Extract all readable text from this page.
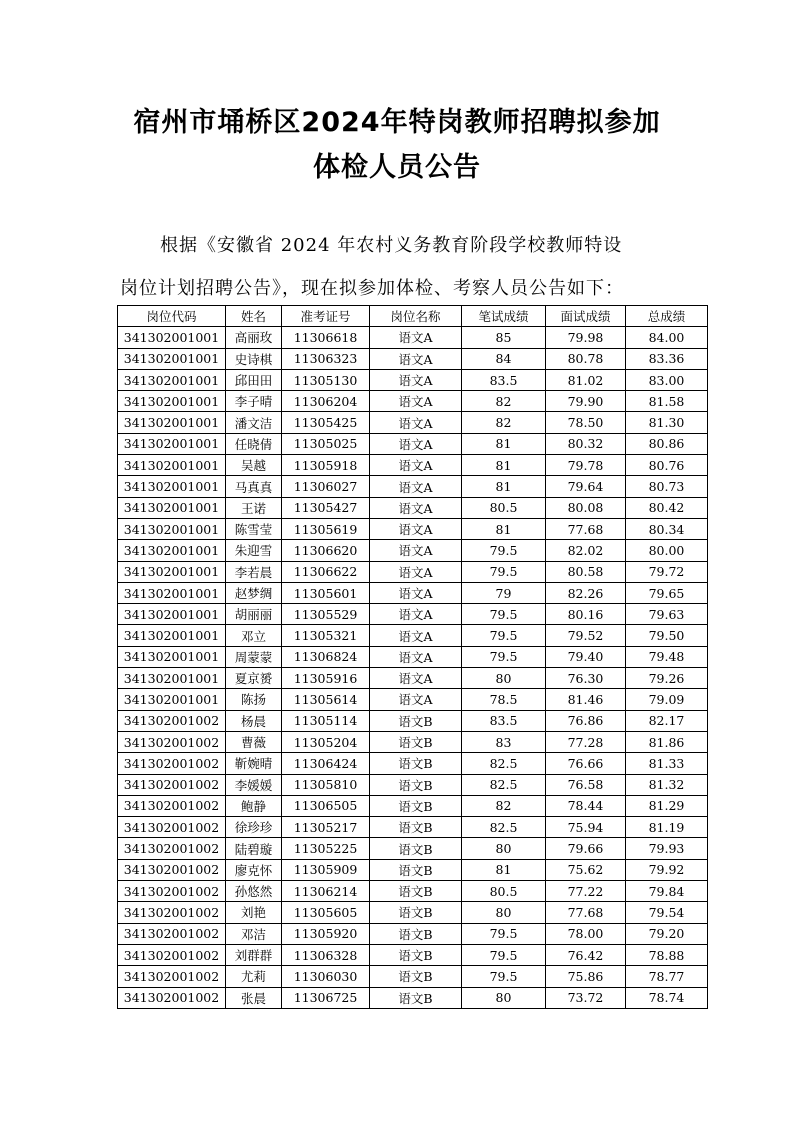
宿州市埇桥区2024年特岗教师招聘拟参加
体检人员公告
根据《安徽省 2024 年农村义务教育阶段学校教师特设
岗位计划招聘公告》，现在拟参加体检、考察人员公告如下：
岗位代码	姓名	准考证号	岗位名称	笔试成绩	面试成绩	总成绩
341302001001	高丽玫	11306618	语文A	85	79.98	84.00
341302001001	史诗棋	11306323	语文A	84	80.78	83.36
341302001001	邱田田	11305130	语文A	83.5	81.02	83.00
341302001001	李子晴	11306204	语文A	82	79.90	81.58
341302001001	潘文洁	11305425	语文A	82	78.50	81.30
341302001001	任晓倩	11305025	语文A	81	80.32	80.86
341302001001	吴越	11305918	语文A	81	79.78	80.76
341302001001	马真真	11306027	语文A	81	79.64	80.73
341302001001	王诺	11305427	语文A	80.5	80.08	80.42
341302001001	陈雪莹	11305619	语文A	81	77.68	80.34
341302001001	朱迎雪	11306620	语文A	79.5	82.02	80.00
341302001001	李若晨	11306622	语文A	79.5	80.58	79.72
341302001001	赵梦绸	11305601	语文A	79	82.26	79.65
341302001001	胡丽丽	11305529	语文A	79.5	80.16	79.63
341302001001	邓立	11305321	语文A	79.5	79.52	79.50
341302001001	周蒙蒙	11306824	语文A	79.5	79.40	79.48
341302001001	夏京赟	11305916	语文A	80	76.30	79.26
341302001001	陈扬	11305614	语文A	78.5	81.46	79.09
341302001002	杨晨	11305114	语文B	83.5	76.86	82.17
341302001002	曹薇	11305204	语文B	83	77.28	81.86
341302001002	靳婉晴	11306424	语文B	82.5	76.66	81.33
341302001002	李媛媛	11305810	语文B	82.5	76.58	81.32
341302001002	鲍静	11306505	语文B	82	78.44	81.29
341302001002	徐珍珍	11305217	语文B	82.5	75.94	81.19
341302001002	陆碧璇	11305225	语文B	80	79.66	79.93
341302001002	廖克怀	11305909	语文B	81	75.62	79.92
341302001002	孙悠然	11306214	语文B	80.5	77.22	79.84
341302001002	刘艳	11305605	语文B	80	77.68	79.54
341302001002	邓洁	11305920	语文B	79.5	78.00	79.20
341302001002	刘群群	11306328	语文B	79.5	76.42	78.88
341302001002	尤莉	11306030	语文B	79.5	75.86	78.77
341302001002	张晨	11306725	语文B	80	73.72	78.74
